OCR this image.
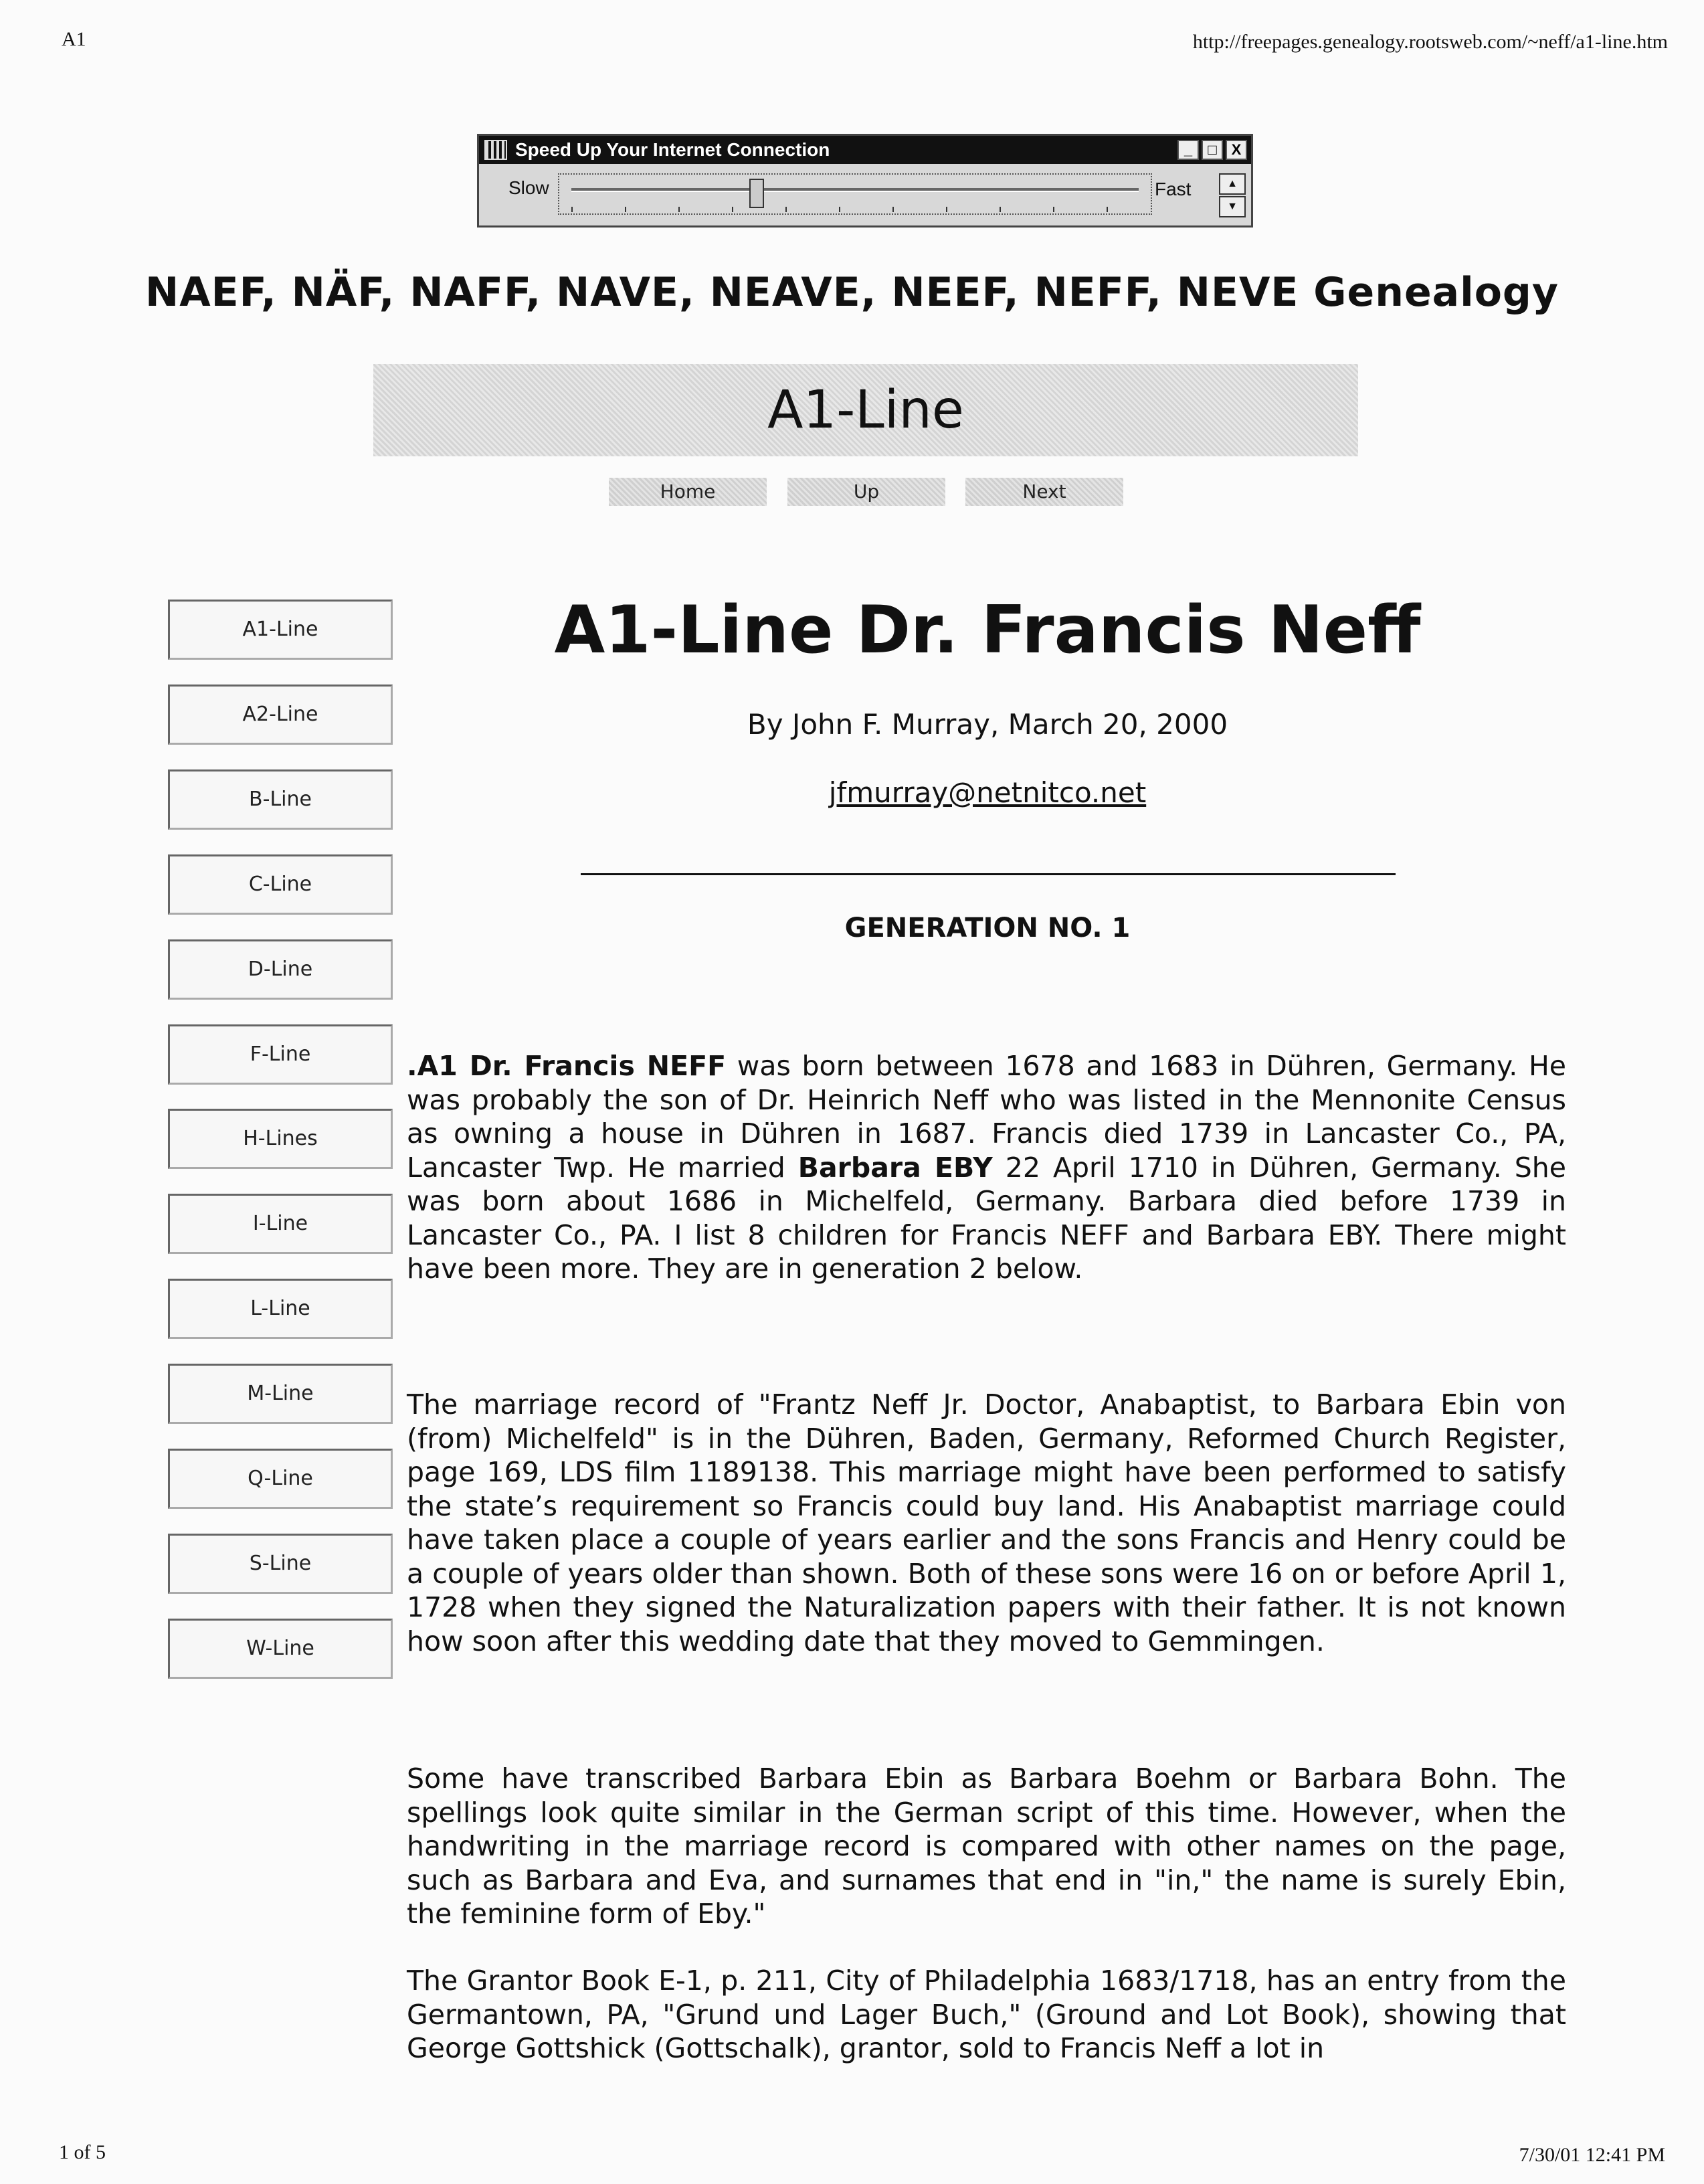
A1	http://freepages.genealogy.rootsweb.com/~neff/a1-line.htm
Speed Up Your Internet Connection	_	□	X
Slow	Fast	▲
▼
NAEF, NÄF, NAFF, NAVE, NEAVE, NEEF, NEFF, NEVE Genealogy
A1-Line
Home	Up	Next
A1-Line
A2-Line
B-Line
C-Line
D-Line
F-Line
H-Lines
I-Line
L-Line
M-Line
Q-Line
S-Line
W-Line
A1-Line Dr. Francis Neff
By John F. Murray, March 20, 2000
jfmurray@netnitco.net
GENERATION NO. 1

.A1 Dr. Francis NEFF was born between 1678 and 1683 in Dühren, Germany. He was probably the son of Dr. Heinrich Neff who was listed in the Mennonite Census as owning a house in Dühren in 1687. Francis died 1739 in Lancaster Co., PA, Lancaster Twp. He married Barbara EBY 22 April 1710 in Dühren, Germany. She was born about 1686 in Michelfeld, Germany. Barbara died before 1739 in Lancaster Co., PA. I list 8 children for Francis NEFF and Barbara EBY. There might have been more. They are in generation 2 below.

The marriage record of "Frantz Neff Jr. Doctor, Anabaptist, to Barbara Ebin von (from) Michelfeld" is in the Dühren, Baden, Germany, Reformed Church Register, page 169, LDS film 1189138. This marriage might have been performed to satisfy the state’s requirement so Francis could buy land. His Anabaptist marriage could have taken place a couple of years earlier and the sons Francis and Henry could be a couple of years older than shown. Both of these sons were 16 on or before April 1, 1728 when they signed the Naturalization papers with their father. It is not known how soon after this wedding date that they moved to Gemmingen.

Some have transcribed Barbara Ebin as Barbara Boehm or Barbara Bohn. The spellings look quite similar in the German script of this time. However, when the handwriting in the marriage record is compared with other names on the page, such as Barbara and Eva, and surnames that end in "in," the name is surely Ebin, the feminine form of Eby."

The Grantor Book E-1, p. 211, City of Philadelphia 1683/1718, has an entry from the Germantown, PA, "Grund und Lager Buch," (Ground and Lot Book), showing that George Gottshick (Gottschalk), grantor, sold to Francis Neff a lot in

1 of 5	7/30/01 12:41 PM
